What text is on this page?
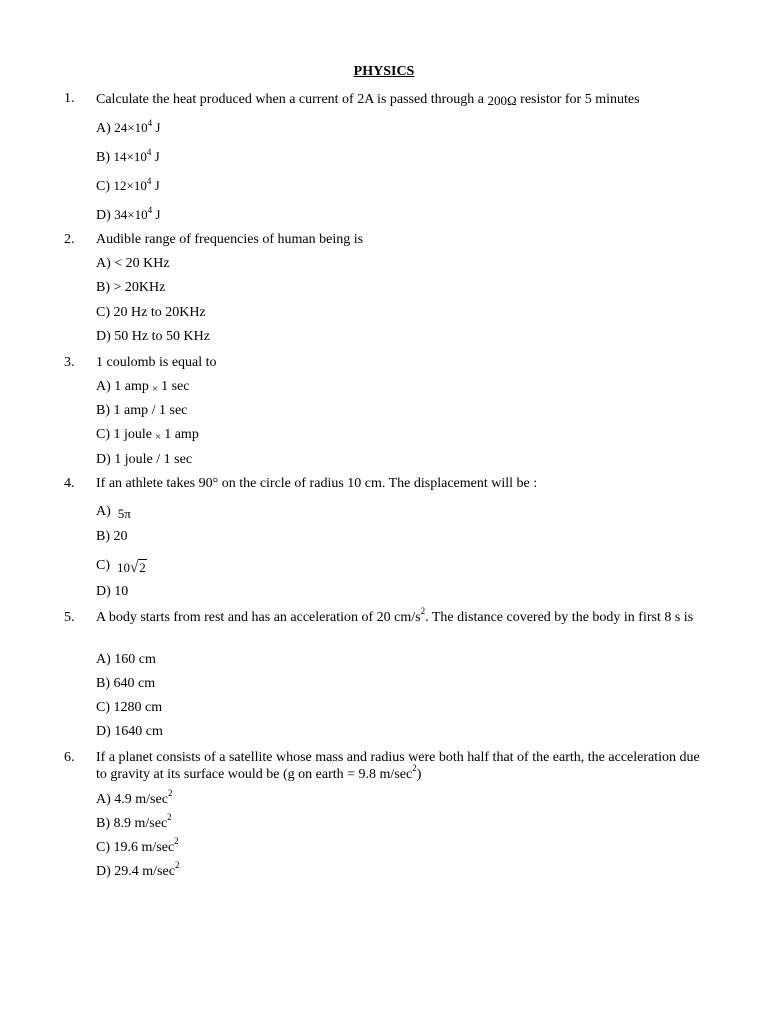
PHYSICS
1. Calculate the heat produced when a current of 2A is passed through a 200Ω resistor for 5 minutes
A) $24\times 10^4$ J
B) $14\times 10^4$ J
C) $12\times 10^4$ J
D) $34\times 10^4$ J
2. Audible range of frequencies of human being is
A) < 20 KHz
B) > 20KHz
C) 20 Hz to 20KHz
D) 50 Hz to 50 KHz
3. 1 coulomb is equal to
A) 1 amp × 1 sec
B) 1 amp / 1 sec
C) 1 joule × 1 amp
D) 1 joule / 1 sec
4. If an athlete takes 90° on the circle of radius 10 cm. The displacement will be :
A) 5π
B) 20
C) 10√2
D) 10
5. A body starts from rest and has an acceleration of 20 $cm/s^2$. The distance covered by the body in first 8 s is
A) 160 cm
B) 640 cm
C) 1280 cm
D) 1640 cm
6. If a planet consists of a satellite whose mass and radius were both half that of the earth, the acceleration due to gravity at its surface would be (g on earth = 9.8 $m/\sec^2$)
A) 4.9 $m/\sec^2$
B) 8.9 $m/\sec^2$
C) 19.6 $m/\sec^2$
D) 29.4 $m/\sec^2$
